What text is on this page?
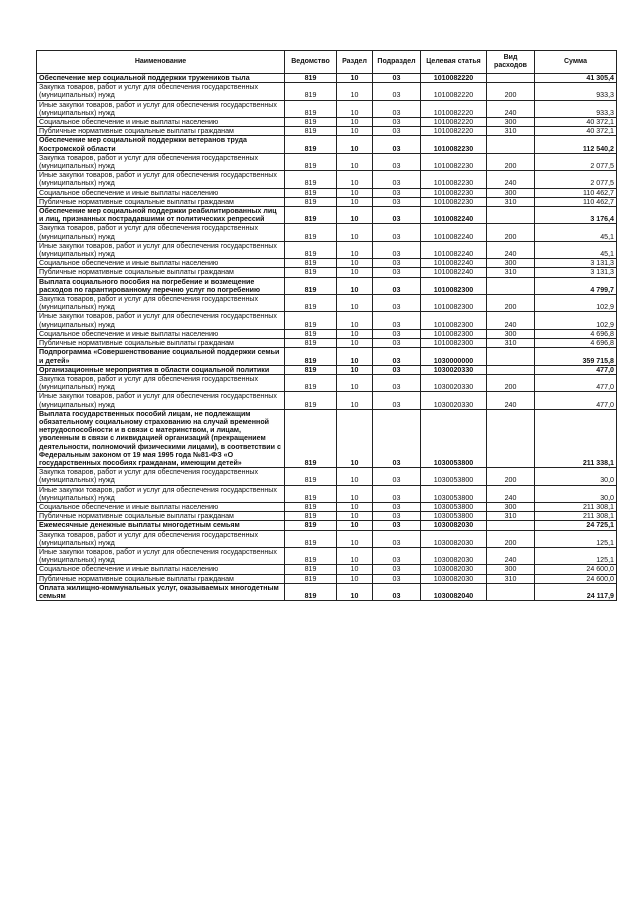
Наименование	Ведомство	Раздел	Подраздел	Целевая статья	Вид расходов	Сумма
Обеспечение мер социальной поддержки тружеников тыла	819	10	03	1010082220		41 305,4
Закупка товаров, работ и услуг для обеспечения государственных (муниципальных) нужд	819	10	03	1010082220	200	933,3
Иные закупки товаров, работ и услуг для обеспечения государственных (муниципальных) нужд	819	10	03	1010082220	240	933,3
Социальное обеспечение и иные выплаты населению	819	10	03	1010082220	300	40 372,1
Публичные нормативные социальные выплаты гражданам	819	10	03	1010082220	310	40 372,1
Обеспечение мер социальной поддержки ветеранов труда Костромской области	819	10	03	1010082230		112 540,2
Закупка товаров, работ и услуг для обеспечения государственных (муниципальных) нужд	819	10	03	1010082230	200	2 077,5
Иные закупки товаров, работ и услуг для обеспечения государственных (муниципальных) нужд	819	10	03	1010082230	240	2 077,5
Социальное обеспечение и иные выплаты населению	819	10	03	1010082230	300	110 462,7
Публичные нормативные социальные выплаты гражданам	819	10	03	1010082230	310	110 462,7
Обеспечение мер социальной поддержки реабилитированных лиц и лиц, признанных пострадавшими от политических репрессий	819	10	03	1010082240		3 176,4
Закупка товаров, работ и услуг для обеспечения государственных (муниципальных) нужд	819	10	03	1010082240	200	45,1
Иные закупки товаров, работ и услуг для обеспечения государственных (муниципальных) нужд	819	10	03	1010082240	240	45,1
Социальное обеспечение и иные выплаты населению	819	10	03	1010082240	300	3 131,3
Публичные нормативные социальные выплаты гражданам	819	10	03	1010082240	310	3 131,3
Выплата социального пособия на погребение и возмещение расходов по гарантированному перечню услуг по погребению	819	10	03	1010082300		4 799,7
Закупка товаров, работ и услуг для обеспечения государственных (муниципальных) нужд	819	10	03	1010082300	200	102,9
Иные закупки товаров, работ и услуг для обеспечения государственных (муниципальных) нужд	819	10	03	1010082300	240	102,9
Социальное обеспечение и иные выплаты населению	819	10	03	1010082300	300	4 696,8
Публичные нормативные социальные выплаты гражданам	819	10	03	1010082300	310	4 696,8
Подпрограмма «Совершенствование социальной поддержки семьи и детей»	819	10	03	1030000000		359 715,8
Организационные мероприятия в области социальной политики	819	10	03	1030020330		477,0
Закупка товаров, работ и услуг для обеспечения государственных (муниципальных) нужд	819	10	03	1030020330	200	477,0
Иные закупки товаров, работ и услуг для обеспечения государственных (муниципальных) нужд	819	10	03	1030020330	240	477,0
Выплата государственных пособий лицам, не подлежащим обязательному социальному страхованию на случай временной нетрудоспособности и в связи с материнством, и лицам, уволенным в связи с ликвидацией организаций (прекращением деятельности, полномочий физическими лицами), в соответствии с Федеральным законом от 19 мая 1995 года №81-ФЗ «О государственных пособиях гражданам, имеющим детей»	819	10	03	1030053800		211 338,1
Закупка товаров, работ и услуг для обеспечения государственных (муниципальных) нужд	819	10	03	1030053800	200	30,0
Иные закупки товаров, работ и услуг для обеспечения государственных (муниципальных) нужд	819	10	03	1030053800	240	30,0
Социальное обеспечение и иные выплаты населению	819	10	03	1030053800	300	211 308,1
Публичные нормативные социальные выплаты гражданам	819	10	03	1030053800	310	211 308,1
Ежемесячные денежные выплаты многодетным семьям	819	10	03	1030082030		24 725,1
Закупка товаров, работ и услуг для обеспечения государственных (муниципальных) нужд	819	10	03	1030082030	200	125,1
Иные закупки товаров, работ и услуг для обеспечения государственных (муниципальных) нужд	819	10	03	1030082030	240	125,1
Социальное обеспечение и иные выплаты населению	819	10	03	1030082030	300	24 600,0
Публичные нормативные социальные выплаты гражданам	819	10	03	1030082030	310	24 600,0
Оплата жилищно-коммунальных услуг, оказываемых многодетным семьям	819	10	03	1030082040		24 117,9
